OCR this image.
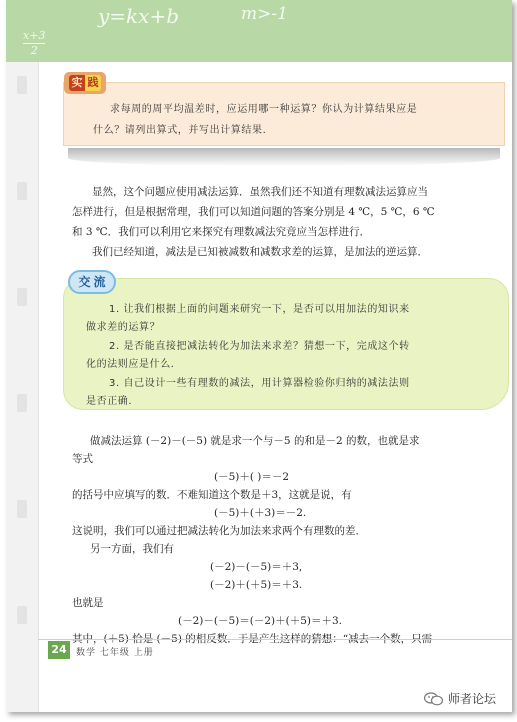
x+3
2
y=kx+b	m>-1
实 践
求每周的周平均温差时，应运用哪一种运算？你认为计算结果应是
什么？请列出算式，并写出计算结果.
显然，这个问题应使用减法运算．虽然我们还不知道有理数减法运算应当
怎样进行，但是根据常理，我们可以知道问题的答案分别是 4 ℃，5 ℃，6 ℃
和 3 ℃．我们可以利用它来探究有理数减法究竟应当怎样进行．
我们已经知道，减法是已知被减数和减数求差的运算，是加法的逆运算．
交 流
1. 让我们根据上面的问题来研究一下，是否可以用加法的知识来
做求差的运算？
2. 是否能直接把减法转化为加法来求差？猜想一下，完成这个转
化的法则应是什么．
3. 自己设计一些有理数的减法，用计算器检验你归纳的减法法则
是否正确．
做减法运算 (－2)－(－5) 就是求一个与－5 的和是－2 的数，也就是求
等式
(－5)＋( )＝－2
的括号中应填写的数．不难知道这个数是＋3，这就是说，有
(－5)＋(＋3)＝－2.
这说明，我们可以通过把减法转化为加法来求两个有理数的差．
另一方面，我们有
(－2)－(－5)＝＋3,
(－2)＋(＋5)＝＋3.
也就是
(－2)－(－5)＝(－2)＋(＋5)＝＋3.
其中，(＋5) 恰是 (－5) 的相反数．于是产生这样的猜想：“减去一个数，只需
24	数学 七年级 上册
师者论坛
